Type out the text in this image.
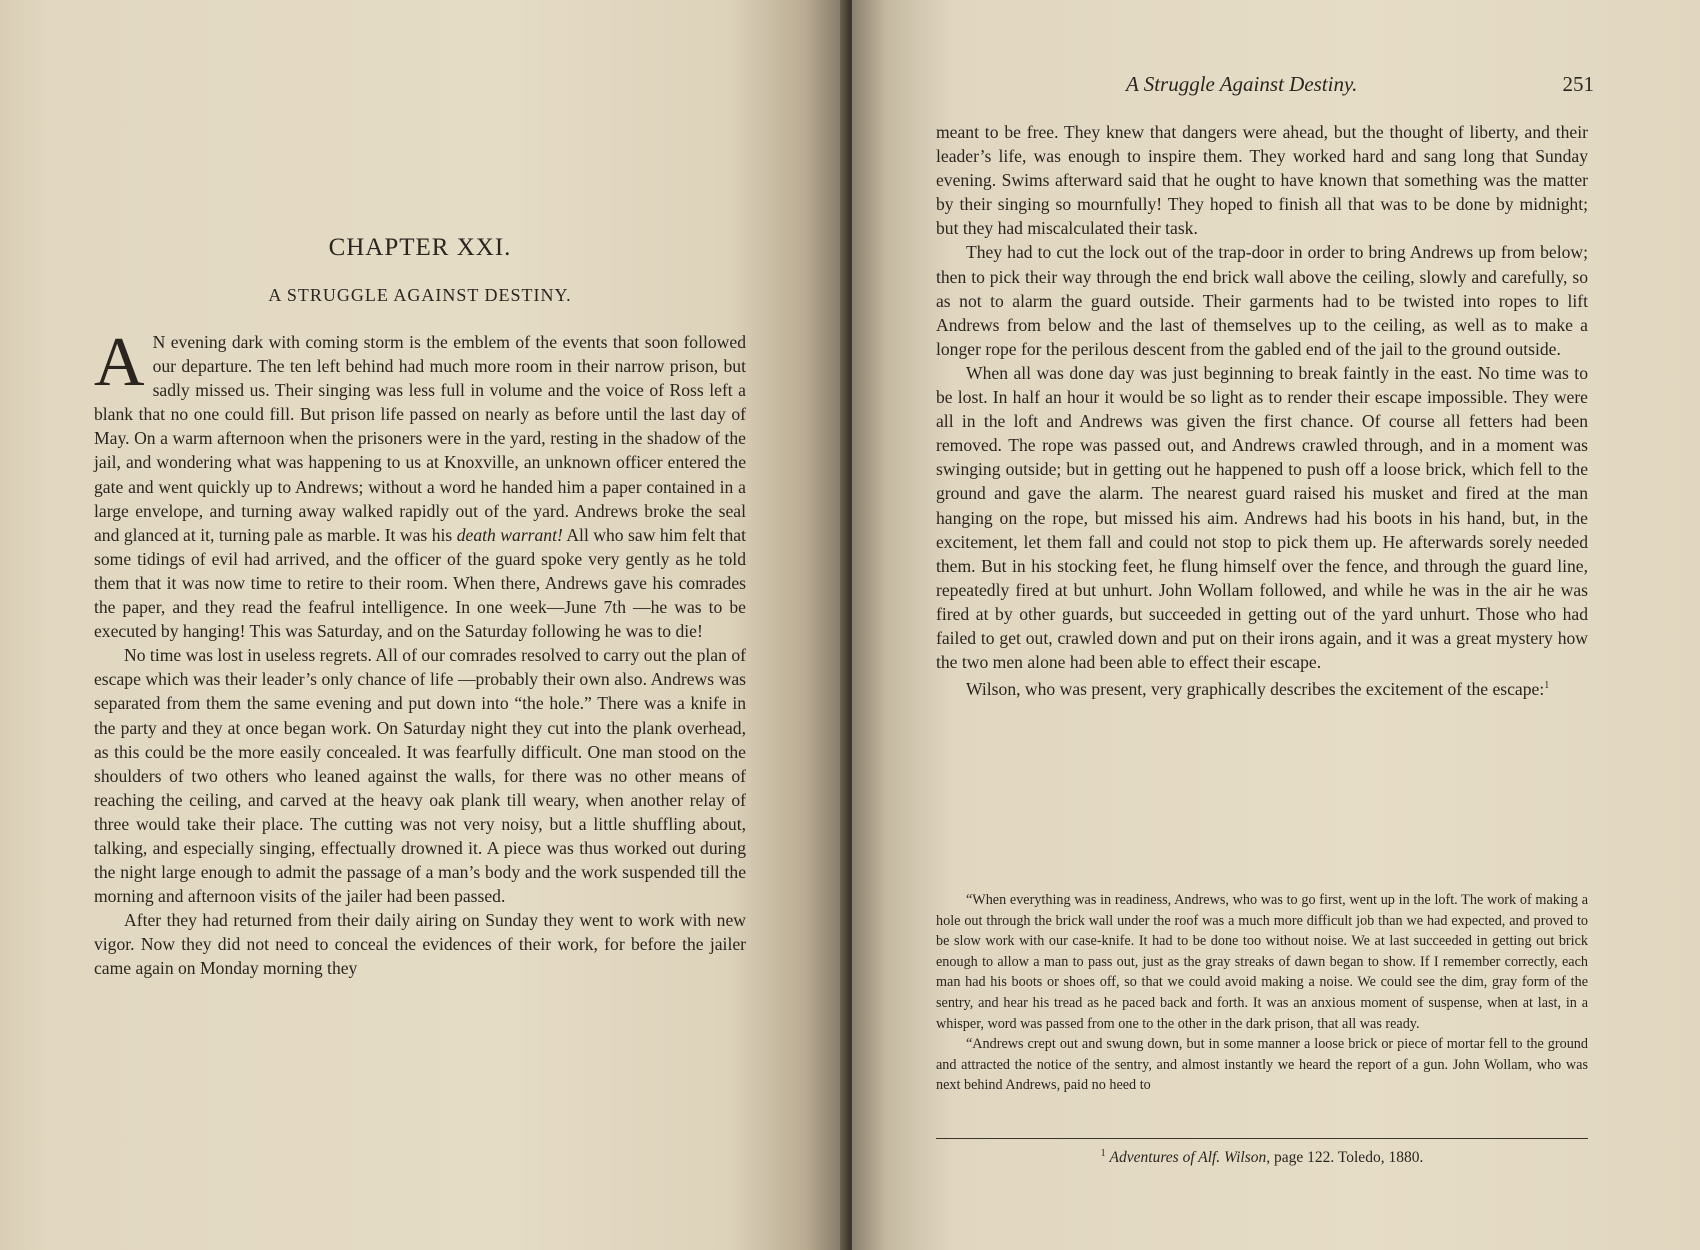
CHAPTER XXI.
A STRUGGLE AGAINST DESTINY.

A N evening dark with coming storm is the emblem of the events that soon followed our departure. The ten left behind had much more room in their narrow prison, but sadly missed us. Their singing was less full in volume and the voice of Ross left a blank that no one could fill. But prison life passed on nearly as before until the last day of May. On a warm afternoon when the prisoners were in the yard, resting in the shadow of the jail, and wondering what was happening to us at Knoxville, an unknown officer entered the gate and went quickly up to Andrews; without a word he handed him a paper contained in a large envelope, and turning away walked rapidly out of the yard. Andrews broke the seal and glanced at it, turning pale as marble. It was his death warrant! All who saw him felt that some tidings of evil had arrived, and the officer of the guard spoke very gently as he told them that it was now time to retire to their room. When there, Andrews gave his comrades the paper, and they read the feafrul intelligence. In one week—June 7th —he was to be executed by hanging! This was Saturday, and on the Saturday following he was to die!

No time was lost in useless regrets. All of our comrades resolved to carry out the plan of escape which was their leader’s only chance of life —probably their own also. Andrews was separated from them the same evening and put down into “the hole.” There was a knife in the party and they at once began work. On Saturday night they cut into the plank overhead, as this could be the more easily concealed. It was fearfully difficult. One man stood on the shoulders of two others who leaned against the walls, for there was no other means of reaching the ceiling, and carved at the heavy oak plank till weary, when another relay of three would take their place. The cutting was not very noisy, but a little shuffling about, talking, and especially singing, effectually drowned it. A piece was thus worked out during the night large enough to admit the passage of a man’s body and the work suspended till the morning and afternoon visits of the jailer had been passed.

After they had returned from their daily airing on Sunday they went to work with new vigor. Now they did not need to conceal the evidences of their work, for before the jailer came again on Monday morning they

A Struggle Against Destiny.	251

meant to be free. They knew that dangers were ahead, but the thought of liberty, and their leader’s life, was enough to inspire them. They worked hard and sang long that Sunday evening. Swims afterward said that he ought to have known that something was the matter by their singing so mournfully! They hoped to finish all that was to be done by midnight; but they had miscalculated their task.

They had to cut the lock out of the trap-door in order to bring Andrews up from below; then to pick their way through the end brick wall above the ceiling, slowly and carefully, so as not to alarm the guard outside. Their garments had to be twisted into ropes to lift Andrews from below and the last of themselves up to the ceiling, as well as to make a longer rope for the perilous descent from the gabled end of the jail to the ground outside.

When all was done day was just beginning to break faintly in the east. No time was to be lost. In half an hour it would be so light as to render their escape impossible. They were all in the loft and Andrews was given the first chance. Of course all fetters had been removed. The rope was passed out, and Andrews crawled through, and in a moment was swinging outside; but in getting out he happened to push off a loose brick, which fell to the ground and gave the alarm. The nearest guard raised his musket and fired at the man hanging on the rope, but missed his aim. Andrews had his boots in his hand, but, in the excitement, let them fall and could not stop to pick them up. He afterwards sorely needed them. But in his stocking feet, he flung himself over the fence, and through the guard line, repeatedly fired at but unhurt. John Wollam followed, and while he was in the air he was fired at by other guards, but succeeded in getting out of the yard unhurt. Those who had failed to get out, crawled down and put on their irons again, and it was a great mystery how the two men alone had been able to effect their escape.

Wilson, who was present, very graphically describes the excitement of the escape:$^1$

“When everything was in readiness, Andrews, who was to go first, went up in the loft. The work of making a hole out through the brick wall under the roof was a much more difficult job than we had expected, and proved to be slow work with our case-knife. It had to be done too without noise. We at last succeeded in getting out brick enough to allow a man to pass out, just as the gray streaks of dawn began to show. If I remember correctly, each man had his boots or shoes off, so that we could avoid making a noise. We could see the dim, gray form of the sentry, and hear his tread as he paced back and forth. It was an anxious moment of suspense, when at last, in a whisper, word was passed from one to the other in the dark prison, that all was ready.

“Andrews crept out and swung down, but in some manner a loose brick or piece of mortar fell to the ground and attracted the notice of the sentry, and almost instantly we heard the report of a gun. John Wollam, who was next behind Andrews, paid no heed to

$^1$ Adventures of Alf. Wilson, page 122. Toledo, 1880.
